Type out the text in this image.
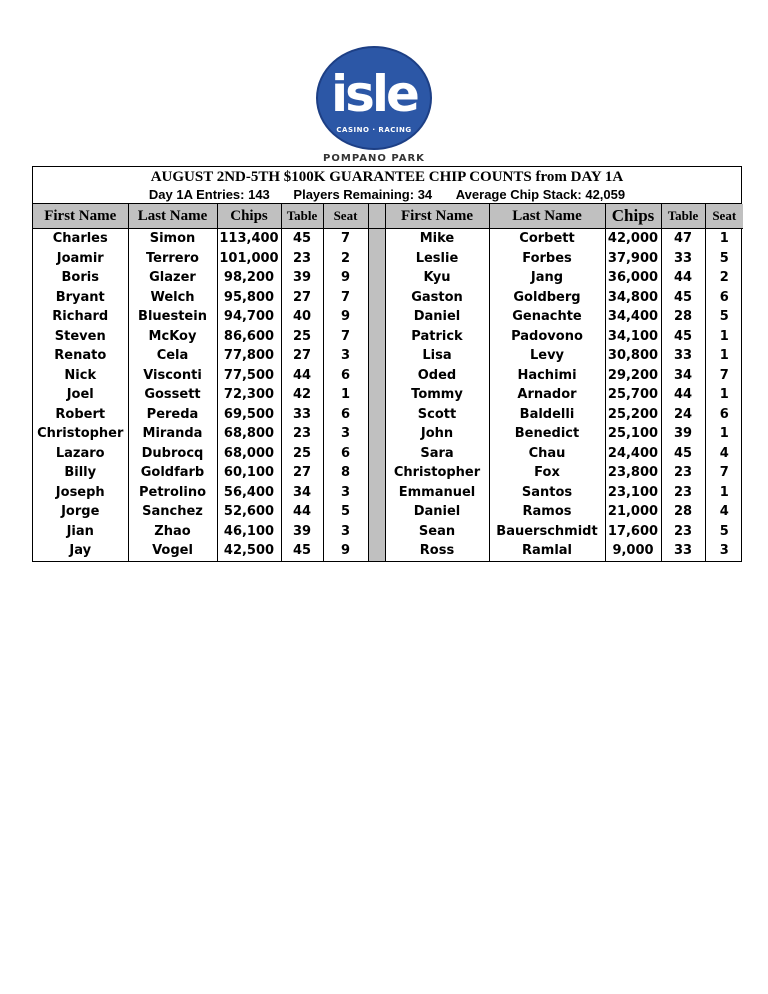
isle
CASINO · RACING
POMPANO PARK
AUGUST 2ND-5TH $100K GUARANTEE CHIP COUNTS from DAY 1A
Day 1A Entries: 143 Players Remaining: 34 Average Chip Stack: 42,059
First Name	Last Name	Chips	Table	Seat		First Name	Last Name	Chips	Table	Seat
Charles	Simon	113,400	45	7		Mike	Corbett	42,000	47	1
Joamir	Terrero	101,000	23	2		Leslie	Forbes	37,900	33	5
Boris	Glazer	98,200	39	9		Kyu	Jang	36,000	44	2
Bryant	Welch	95,800	27	7		Gaston	Goldberg	34,800	45	6
Richard	Bluestein	94,700	40	9		Daniel	Genachte	34,400	28	5
Steven	McKoy	86,600	25	7		Patrick	Padovono	34,100	45	1
Renato	Cela	77,800	27	3		Lisa	Levy	30,800	33	1
Nick	Visconti	77,500	44	6		Oded	Hachimi	29,200	34	7
Joel	Gossett	72,300	42	1		Tommy	Arnador	25,700	44	1
Robert	Pereda	69,500	33	6		Scott	Baldelli	25,200	24	6
Christopher	Miranda	68,800	23	3		John	Benedict	25,100	39	1
Lazaro	Dubrocq	68,000	25	6		Sara	Chau	24,400	45	4
Billy	Goldfarb	60,100	27	8		Christopher	Fox	23,800	23	7
Joseph	Petrolino	56,400	34	3		Emmanuel	Santos	23,100	23	1
Jorge	Sanchez	52,600	44	5		Daniel	Ramos	21,000	28	4
Jian	Zhao	46,100	39	3		Sean	Bauerschmidt	17,600	23	5
Jay	Vogel	42,500	45	9		Ross	Ramlal	9,000	33	3
